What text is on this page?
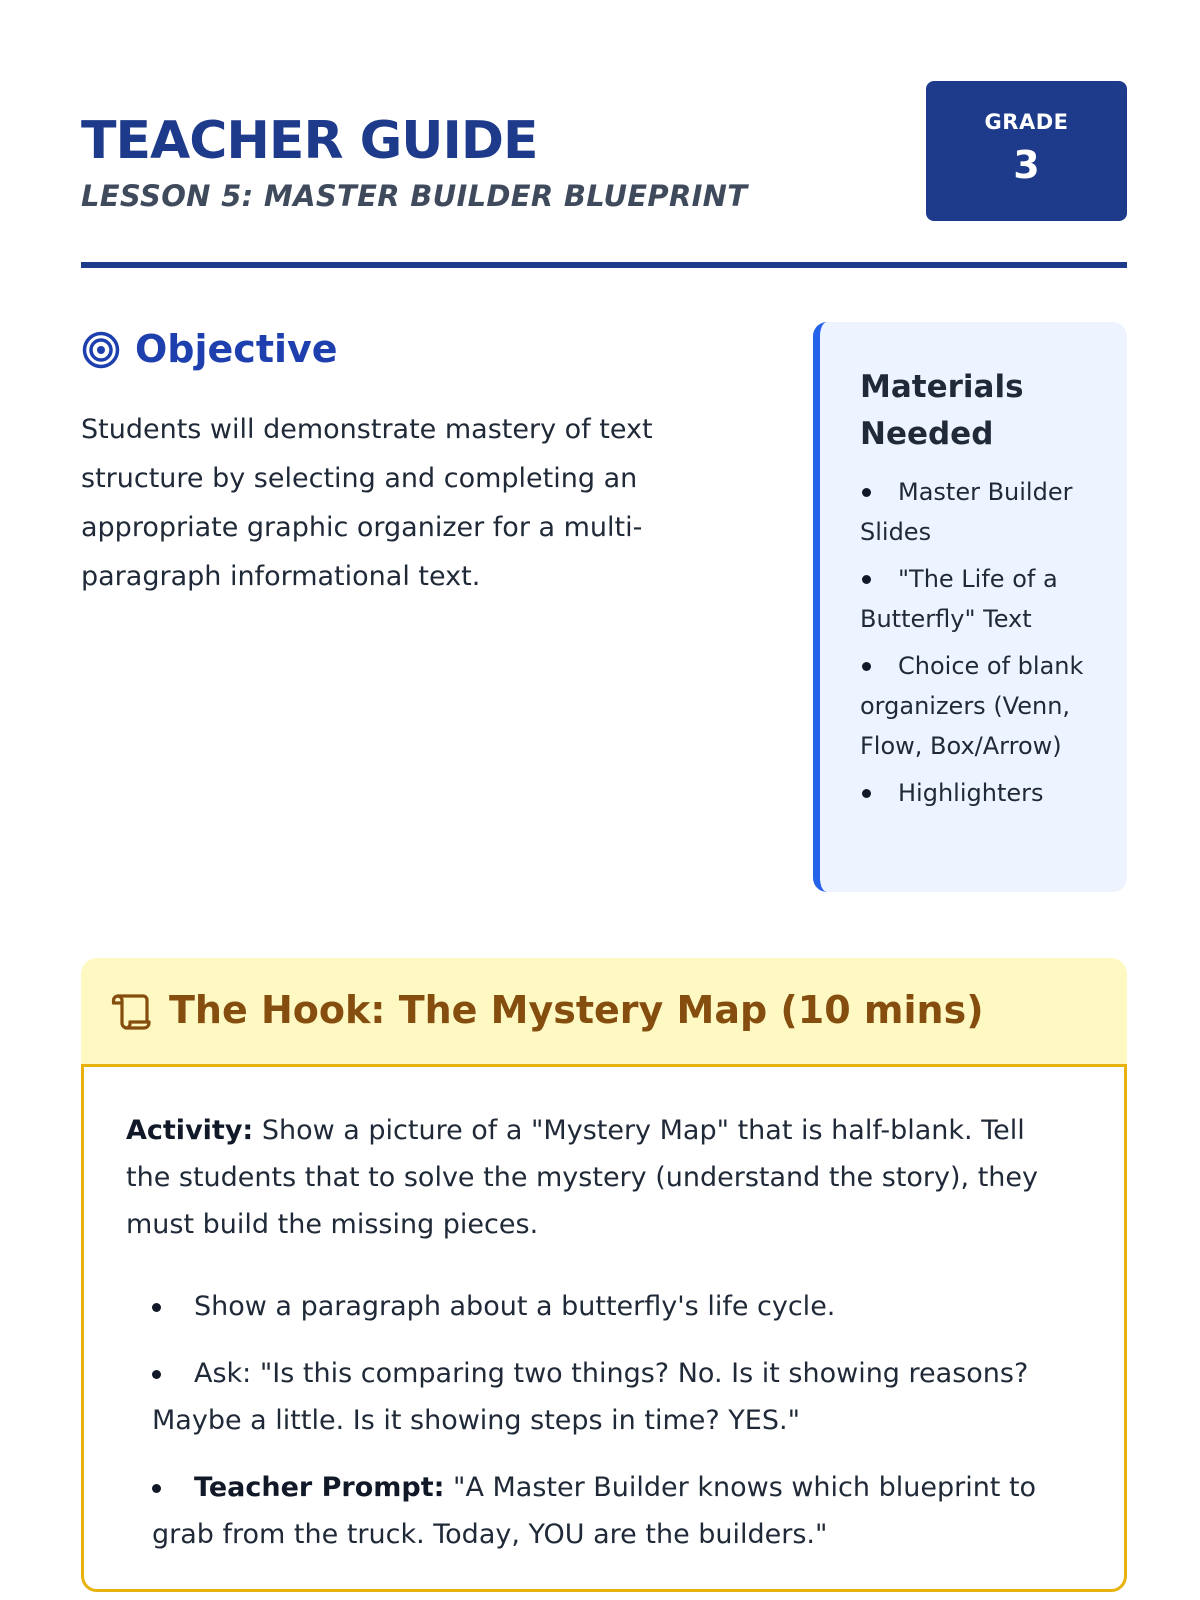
TEACHER GUIDE
LESSON 5: MASTER BUILDER BLUEPRINT
GRADE
3
Objective

Students will demonstrate mastery of text structure by selecting and completing an appropriate graphic organizer for a multi-paragraph informational text.

Materials Needed
Master Builder Slides
"The Life of a Butterfly" Text
Choice of blank organizers (Venn, Flow, Box/Arrow)
Highlighters
The Hook: The Mystery Map (10 mins)

Activity: Show a picture of a "Mystery Map" that is half-blank. Tell the students that to solve the mystery (understand the story), they must build the missing pieces.

Show a paragraph about a butterfly's life cycle.
Ask: "Is this comparing two things? No. Is it showing reasons? Maybe a little. Is it showing steps in time? YES."
Teacher Prompt: "A Master Builder knows which blueprint to grab from the truck. Today, YOU are the builders."
